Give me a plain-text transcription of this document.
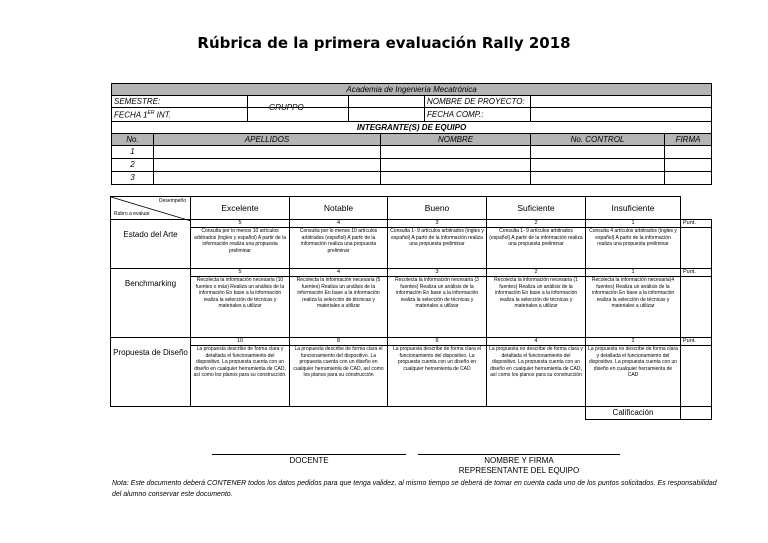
Rúbrica de la primera evaluación Rally 2018
Academia de Ingeniería Mecatrónica							
SEMESTRE:			GRUPPO		NOMBRE DE PROYECTO:		
FECHA 1ER INT.					FECHA COMP.:		
INTEGRANTE(S) DE EQUIPO							
No.	APELLIDOS			NOMBRE		No. CONTROL	FIRMA
1							
2							
3							
Desempeño
Rubro a evaluar	Excelente	Notable	Bueno	Suficiente	Insuficiente	
Estado del Arte	5	4	3	2	1	Punt.
	Consulta por lo menos 10 artículos arbitrados (ingles y español) A partir de la información realiza una propuesta preliminar	Consulta por lo menos 10 artículos arbitrados (español) A partir de la información realiza una propuesta preliminar	Consulta 1- 9 artículos arbitrados (ingles y español) A partir de la información realiza una propuesta preliminar	Consulta 1- 9 artículos arbitrados (español) A partir de la información realiza una propuesta preliminar	Consulta 4 artículos arbitrados (ingles y español) A partir de la información realiza una propuesta preliminar	
Benchmarking	5	4	3	2	1	Punt.
	Recolecta la información necesaria (10 fuentes o más) Realiza un análisis de la información En base a la información realiza la selección de técnicas y materiales a utilizar	Recolecta la información necesaria (5 fuentes) Realiza un análisis de la información En base a la información realiza la selección de técnicas y materiales a utilizar	Recolecta la información necesaria (3 fuentes) Realiza un análisis de la información En base a la información realiza la selección de técnicas y materiales a utilizar	Recolecta la información necesaria (1 fuentes) Realiza un análisis de la información En base a la información realiza la selección de técnicas y materiales a utilizar	Recolecta la información necesaria(4 fuentes) Realiza un análisis de la información En base a la información realiza la selección de técnicas y materiales a utilizar	
Propuesta de Diseño	10	8	6	4	2	Punt.
	La propuesta describe de forma clara y detallada el funcionamiento del dispositivo. La propuesta cuenta con un diseño en cualquier herramienta de CAD, así como los planos para su construcción.	La propuesta describe de forma clara el funcionamiento del dispositivo. La propuesta cuenta con un diseño en cualquier herramienta de CAD, así como los planos para su construcción	La propuesta describe de forma clara el funcionamiento del dispositivo. La propuesta cuenta con un diseño en cualquier herramienta de CAD	La propuesta no describe de forma clara y detallada el funcionamiento del dispositivo. La propuesta cuenta con un diseño en cualquier herramienta de CAD, así como los planos para su construcción	La propuesta no describe de forma clara y detallada el funcionamiento del dispositivo. La propuesta cuenta con un diseño en cualquier herramienta de CAD	
					Calificación	
DOCENTE	NOMBRE Y FIRMA
REPRESENTANTE DEL EQUIPO
Nota: Este documento deberá CONTENER todos los datos pedidos para que tenga validez, al mismo tiempo se deberá de tomar en cuenta cada uno de los puntos solicitados. Es responsabilidad del alumno conservar este documento.
